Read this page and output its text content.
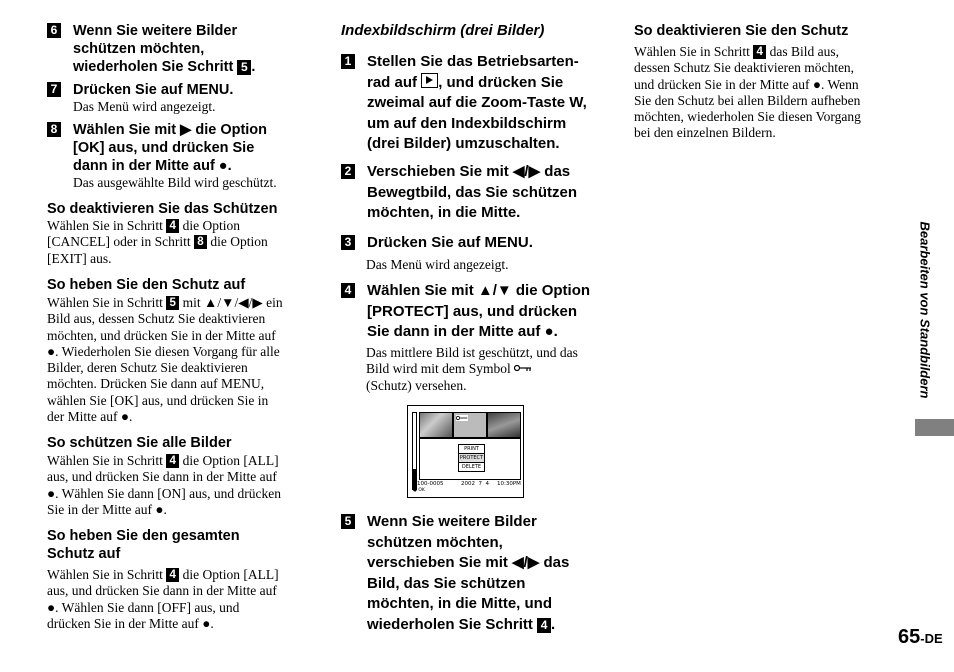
6 Wenn Sie weitere Bilder
schützen möchten,
wiederholen Sie Schritt 5 .
7	Drücken Sie auf MENU.
Das Menü wird angezeigt.
8 Wählen Sie mit ▶ die Option
[OK] aus, und drücken Sie
dann in der Mitte auf ●.
Das ausgewählte Bild wird geschützt.
So deaktivieren Sie das Schützen
Wählen Sie in Schritt 4 die Option
[CANCEL] oder in Schritt 8 die Option
[EXIT] aus.
So heben Sie den Schutz auf
Wählen Sie in Schritt 5 mit ▲/▼/◀/▶ ein
Bild aus, dessen Schutz Sie deaktivieren
möchten, und drücken Sie in der Mitte auf
●. Wiederholen Sie diesen Vorgang für alle
Bilder, deren Schutz Sie deaktivieren
möchten. Drücken Sie dann auf MENU,
wählen Sie [OK] aus, und drücken Sie in
der Mitte auf ●.
So schützen Sie alle Bilder
Wählen Sie in Schritt 4 die Option [ALL]
aus, und drücken Sie dann in der Mitte auf
●. Wählen Sie dann [ON] aus, und drücken
Sie in der Mitte auf ●.
So heben Sie den gesamten
Schutz auf
Wählen Sie in Schritt 4 die Option [ALL]
aus, und drücken Sie dann in der Mitte auf
●. Wählen Sie dann [OFF] aus, und
drücken Sie in der Mitte auf ●.
Indexbildschirm (drei Bilder)
1 Stellen Sie das Betriebsarten-
rad auf
, und drücken Sie
zweimal auf die Zoom-Taste W,
um auf den Indexbildschirm
(drei Bilder) umzuschalten.
2 Verschieben Sie mit ◀/▶ das
Bewegtbild, das Sie schützen
möchten, in die Mitte.
3	Drücken Sie auf MENU.
Das Menü wird angezeigt.
4 Wählen Sie mit ▲/▼ die Option
[PROTECT] aus, und drücken
Sie dann in der Mitte auf ●.
Das mittlere Bild ist geschützt, und das
Bild wird mit dem Symbol
(Schutz) versehen.
PRINT
PROTECT
DELETE
100-0005	2002  7  4 10:30PM
● OK
5 Wenn Sie weitere Bilder
schützen möchten,
verschieben Sie mit ◀/▶ das
Bild, das Sie schützen
möchten, in die Mitte, und
wiederholen Sie Schritt 4 .
So deaktivieren Sie den Schutz
Wählen Sie in Schritt 4 das Bild aus,
dessen Schutz Sie deaktivieren möchten,
und drücken Sie in der Mitte auf ●. Wenn
Sie den Schutz bei allen Bildern aufheben
möchten, wiederholen Sie diesen Vorgang
bei den einzelnen Bildern.
Bearbeiten von Standbildern
65-DE
